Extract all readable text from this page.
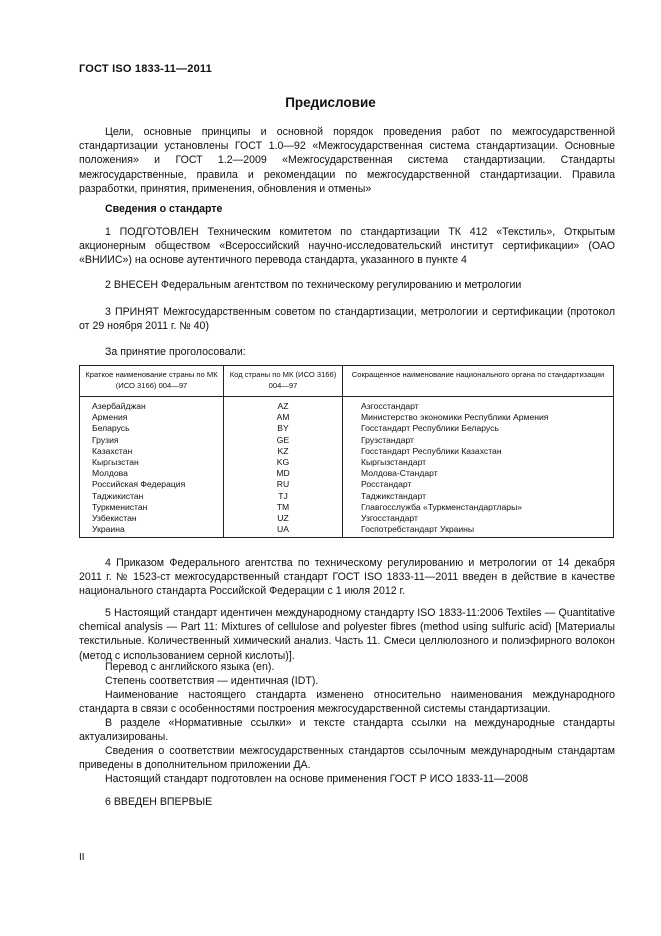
ГОСТ ISO 1833-11—2011
Предисловие

Цели, основные принципы и основной порядок проведения работ по межгосударственной стандартизации установлены ГОСТ 1.0—92 «Межгосударственная система стандартизации. Основные положения» и ГОСТ 1.2—2009 «Межгосударственная система стандартизации. Стандарты межгосударственные, правила и рекомендации по межгосударственной стандартизации. Правила разработки, принятия, применения, обновления и отмены»

Сведения о стандарте

1 ПОДГОТОВЛЕН Техническим комитетом по стандартизации ТК 412 «Текстиль», Открытым акционерным обществом «Всероссийский научно-исследовательский институт сертификации» (ОАО «ВНИИС») на основе аутентичного перевода стандарта, указанного в пункте 4

2 ВНЕСЕН Федеральным агентством по техническому регулированию и метрологии

3 ПРИНЯТ Межгосударственным советом по стандартизации, метрологии и сертификации (протокол от 29 ноября 2011 г. № 40)

За принятие проголосовали:

Краткое наименование страны по МК (ИСО 3166) 004—97	Код страны по МК (ИСО 3166) 004—97	Сокращенное наименование национального органа по стандартизации
Азербайджан	AZ	Азгосстандарт
Армения	AM	Министерство экономики Республики Армения
Беларусь	BY	Госстандарт Республики Беларусь
Грузия	GE	Грузстандарт
Казахстан	KZ	Госстандарт Республики Казахстан
Кыргызстан	KG	Кыргызстандарт
Молдова	MD	Молдова-Стандарт
Российская Федерация	RU	Росстандарт
Таджикистан	TJ	Таджикстандарт
Туркменистан	TM	Главгосслужба «Туркменстандартлары»
Узбекистан	UZ	Узгосстандарт
Украина	UA	Госпотребстандарт Украины

4 Приказом Федерального агентства по техническому регулированию и метрологии от 14 декабря 2011 г. № 1523-ст межгосударственный стандарт ГОСТ ISO 1833-11—2011 введен в действие в качестве национального стандарта Российской Федерации с 1 июля 2012 г.

5 Настоящий стандарт идентичен международному стандарту ISO 1833-11:2006 Textiles — Quantitative chemical analysis — Part 11: Mixtures of cellulose and polyester fibres (method using sulfuric acid) [Материалы текстильные. Количественный химический анализ. Часть 11. Смеси целлюлозного и полиэфирного волокон (метод с использованием серной кислоты)].

Перевод с английского языка (en).

Степень соответствия — идентичная (IDT).

Наименование настоящего стандарта изменено относительно наименования международного стандарта в связи с особенностями построения межгосударственной системы стандартизации.

В разделе «Нормативные ссылки» и тексте стандарта ссылки на международные стандарты актуализированы.

Сведения о соответствии межгосударственных стандартов ссылочным международным стандартам приведены в дополнительном приложении ДА.

Настоящий стандарт подготовлен на основе применения ГОСТ Р ИСО 1833-11—2008

6 ВВЕДЕН ВПЕРВЫЕ

II
